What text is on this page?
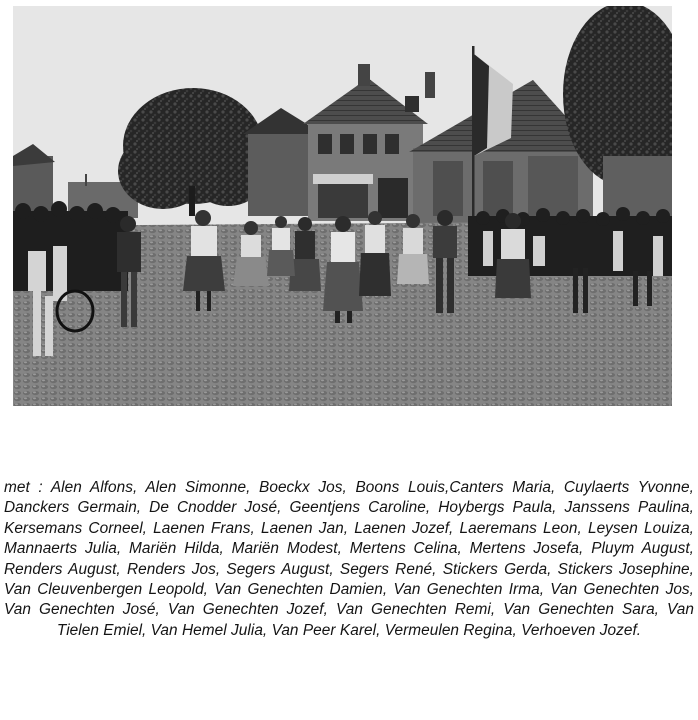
met : Alen Alfons, Alen Simonne, Boeckx Jos, Boons Louis,Canters Maria, Cuylaerts Yvonne, Danckers Germain, De Cnodder José, Geentjens Caroline, Hoybergs Paula, Janssens Paulina, Kersemans Corneel, Laenen Frans, Laenen Jan, Laenen Jozef, Laeremans Leon, Leysen Louiza, Mannaerts Julia, Mariën Hilda, Mariën Modest, Mertens Celina, Mertens Josefa, Pluym August, Renders August, Renders Jos, Segers August, Segers René, Stickers Gerda, Stickers Josephine, Van Cleuvenbergen Leopold, Van Genechten Damien, Van Genechten Irma, Van Genechten Jos, Van Genechten José, Van Genechten Jozef, Van Genechten Remi, Van Genechten Sara, Van Tielen Emiel, Van Hemel Julia, Van Peer Karel, Vermeulen Regina, Verhoeven Jozef.
